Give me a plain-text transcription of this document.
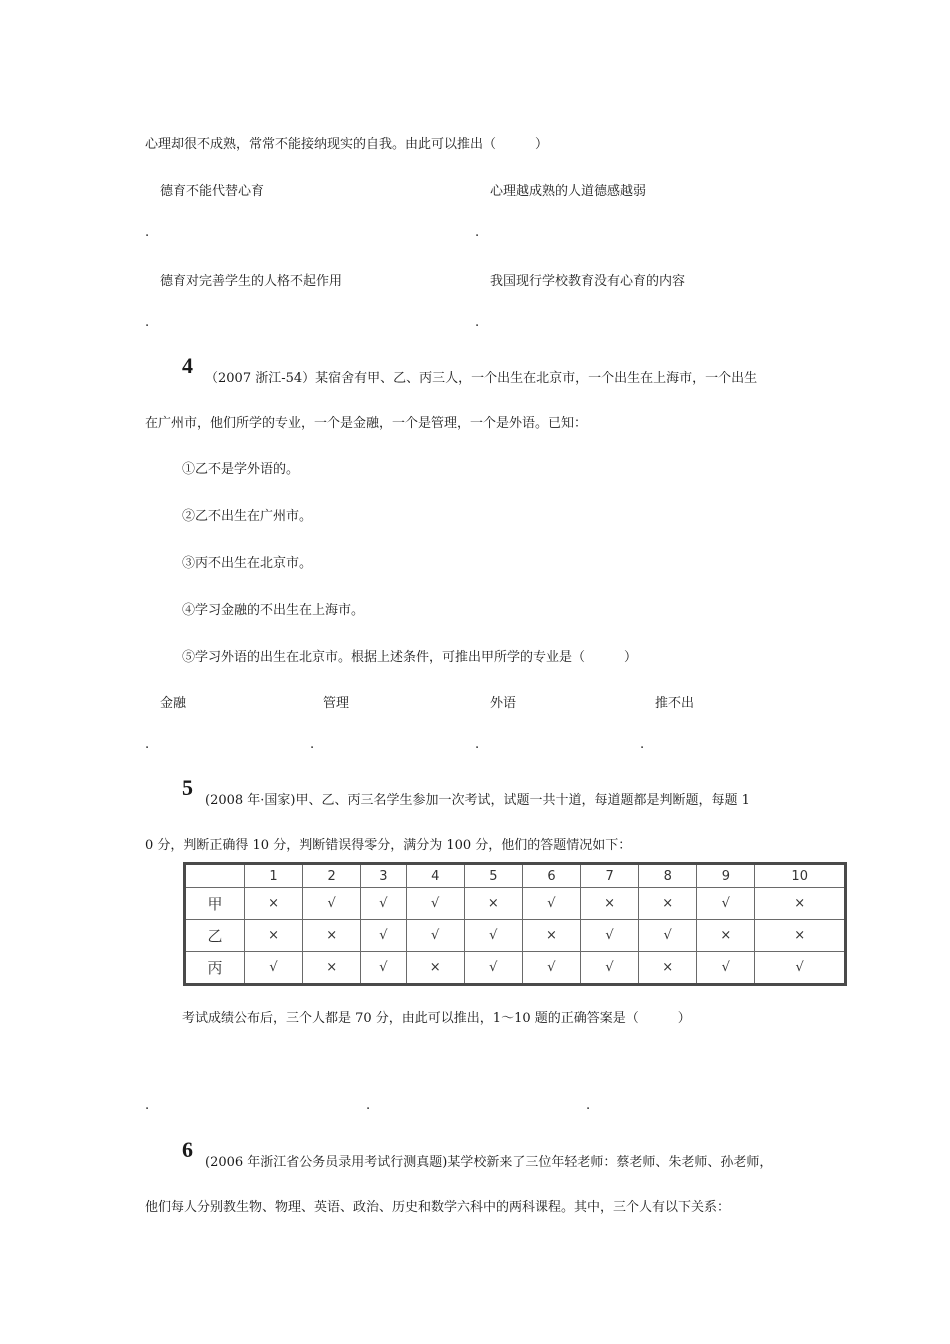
心理却很不成熟，常常不能接纳现实的自我。由此可以推出（　　　）
德育不能代替心育	心理越成熟的人道德感越弱
.	.
德育对完善学生的人格不起作用	我国现行学校教育没有心育的内容
.	.
4
（2007 浙江-54）某宿舍有甲、乙、丙三人，一个出生在北京市，一个出生在上海市，一个出生
在广州市，他们所学的专业，一个是金融，一个是管理，一个是外语。已知：
①乙不是学外语的。
②乙不出生在广州市。
③丙不出生在北京市。
④学习金融的不出生在上海市。
⑤学习外语的出生在北京市。根据上述条件，可推出甲所学的专业是（　　　）
金融	管理	外语	推不出
.	.	.	.
5
(2008 年·国家)甲、乙、丙三名学生参加一次考试，试题一共十道，每道题都是判断题，每题 1
0 分，判断正确得 10 分，判断错误得零分，满分为 100 分，他们的答题情况如下：
	1	2	3	4	5	6	7	8	9	10
甲	×	√	√	√	×	√	×	×	√	×
乙	×	×	√	√	√	×	√	√	×	×
丙	√	×	√	×	√	√	√	×	√	√
考试成绩公布后，三个人都是 70 分，由此可以推出，1～10 题的正确答案是（　　　）
.	.	.
6
(2006 年浙江省公务员录用考试行测真题)某学校新来了三位年轻老师：蔡老师、朱老师、孙老师，
他们每人分别教生物、物理、英语、政治、历史和数学六科中的两科课程。其中，三个人有以下关系：
